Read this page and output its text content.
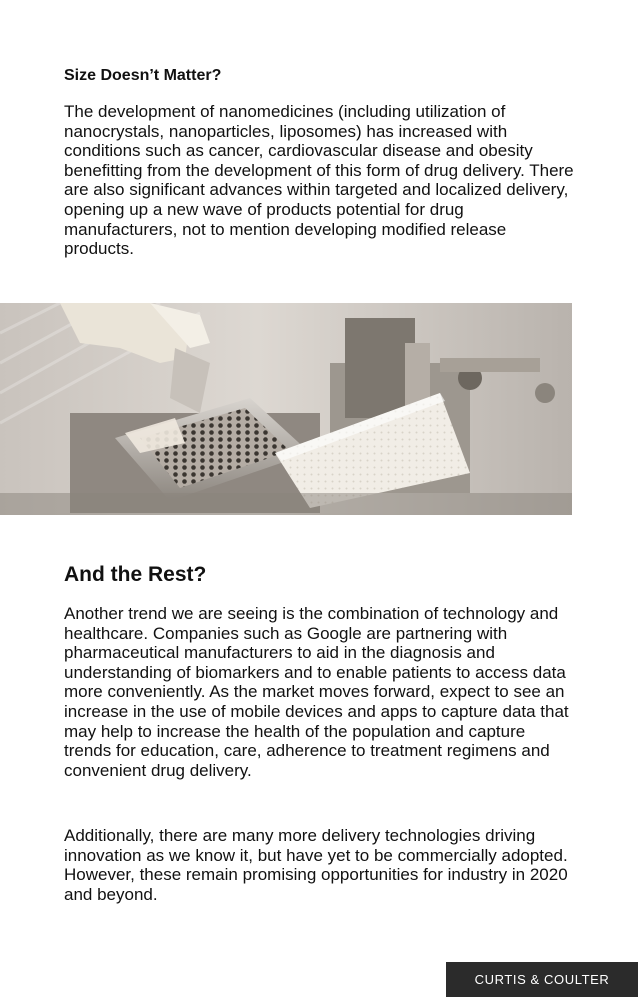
Size Doesn’t Matter?

The development of nanomedicines (including utilization of nanocrystals, nanoparticles, liposomes) has increased with conditions such as cancer, cardiovascular disease and obesity benefitting from the development of this form of drug delivery. There are also significant advances within targeted and localized delivery, opening up a new wave of products potential for drug manufacturers, not to mention developing modified release products.

And the Rest?

Another trend we are seeing is the combination of technology and healthcare. Companies such as Google are partnering with pharmaceutical manufacturers to aid in the diagnosis and understanding of biomarkers and to enable patients to access data more conveniently. As the market moves forward, expect to see an increase in the use of mobile devices and apps to capture data that may help to increase the health of the population and capture trends for education, care, adherence to treatment regimens and convenient drug delivery.

Additionally, there are many more delivery technologies driving innovation as we know it, but have yet to be commercially adopted. However, these remain promising opportunities for industry in 2020 and beyond.

CURTIS & COULTER
